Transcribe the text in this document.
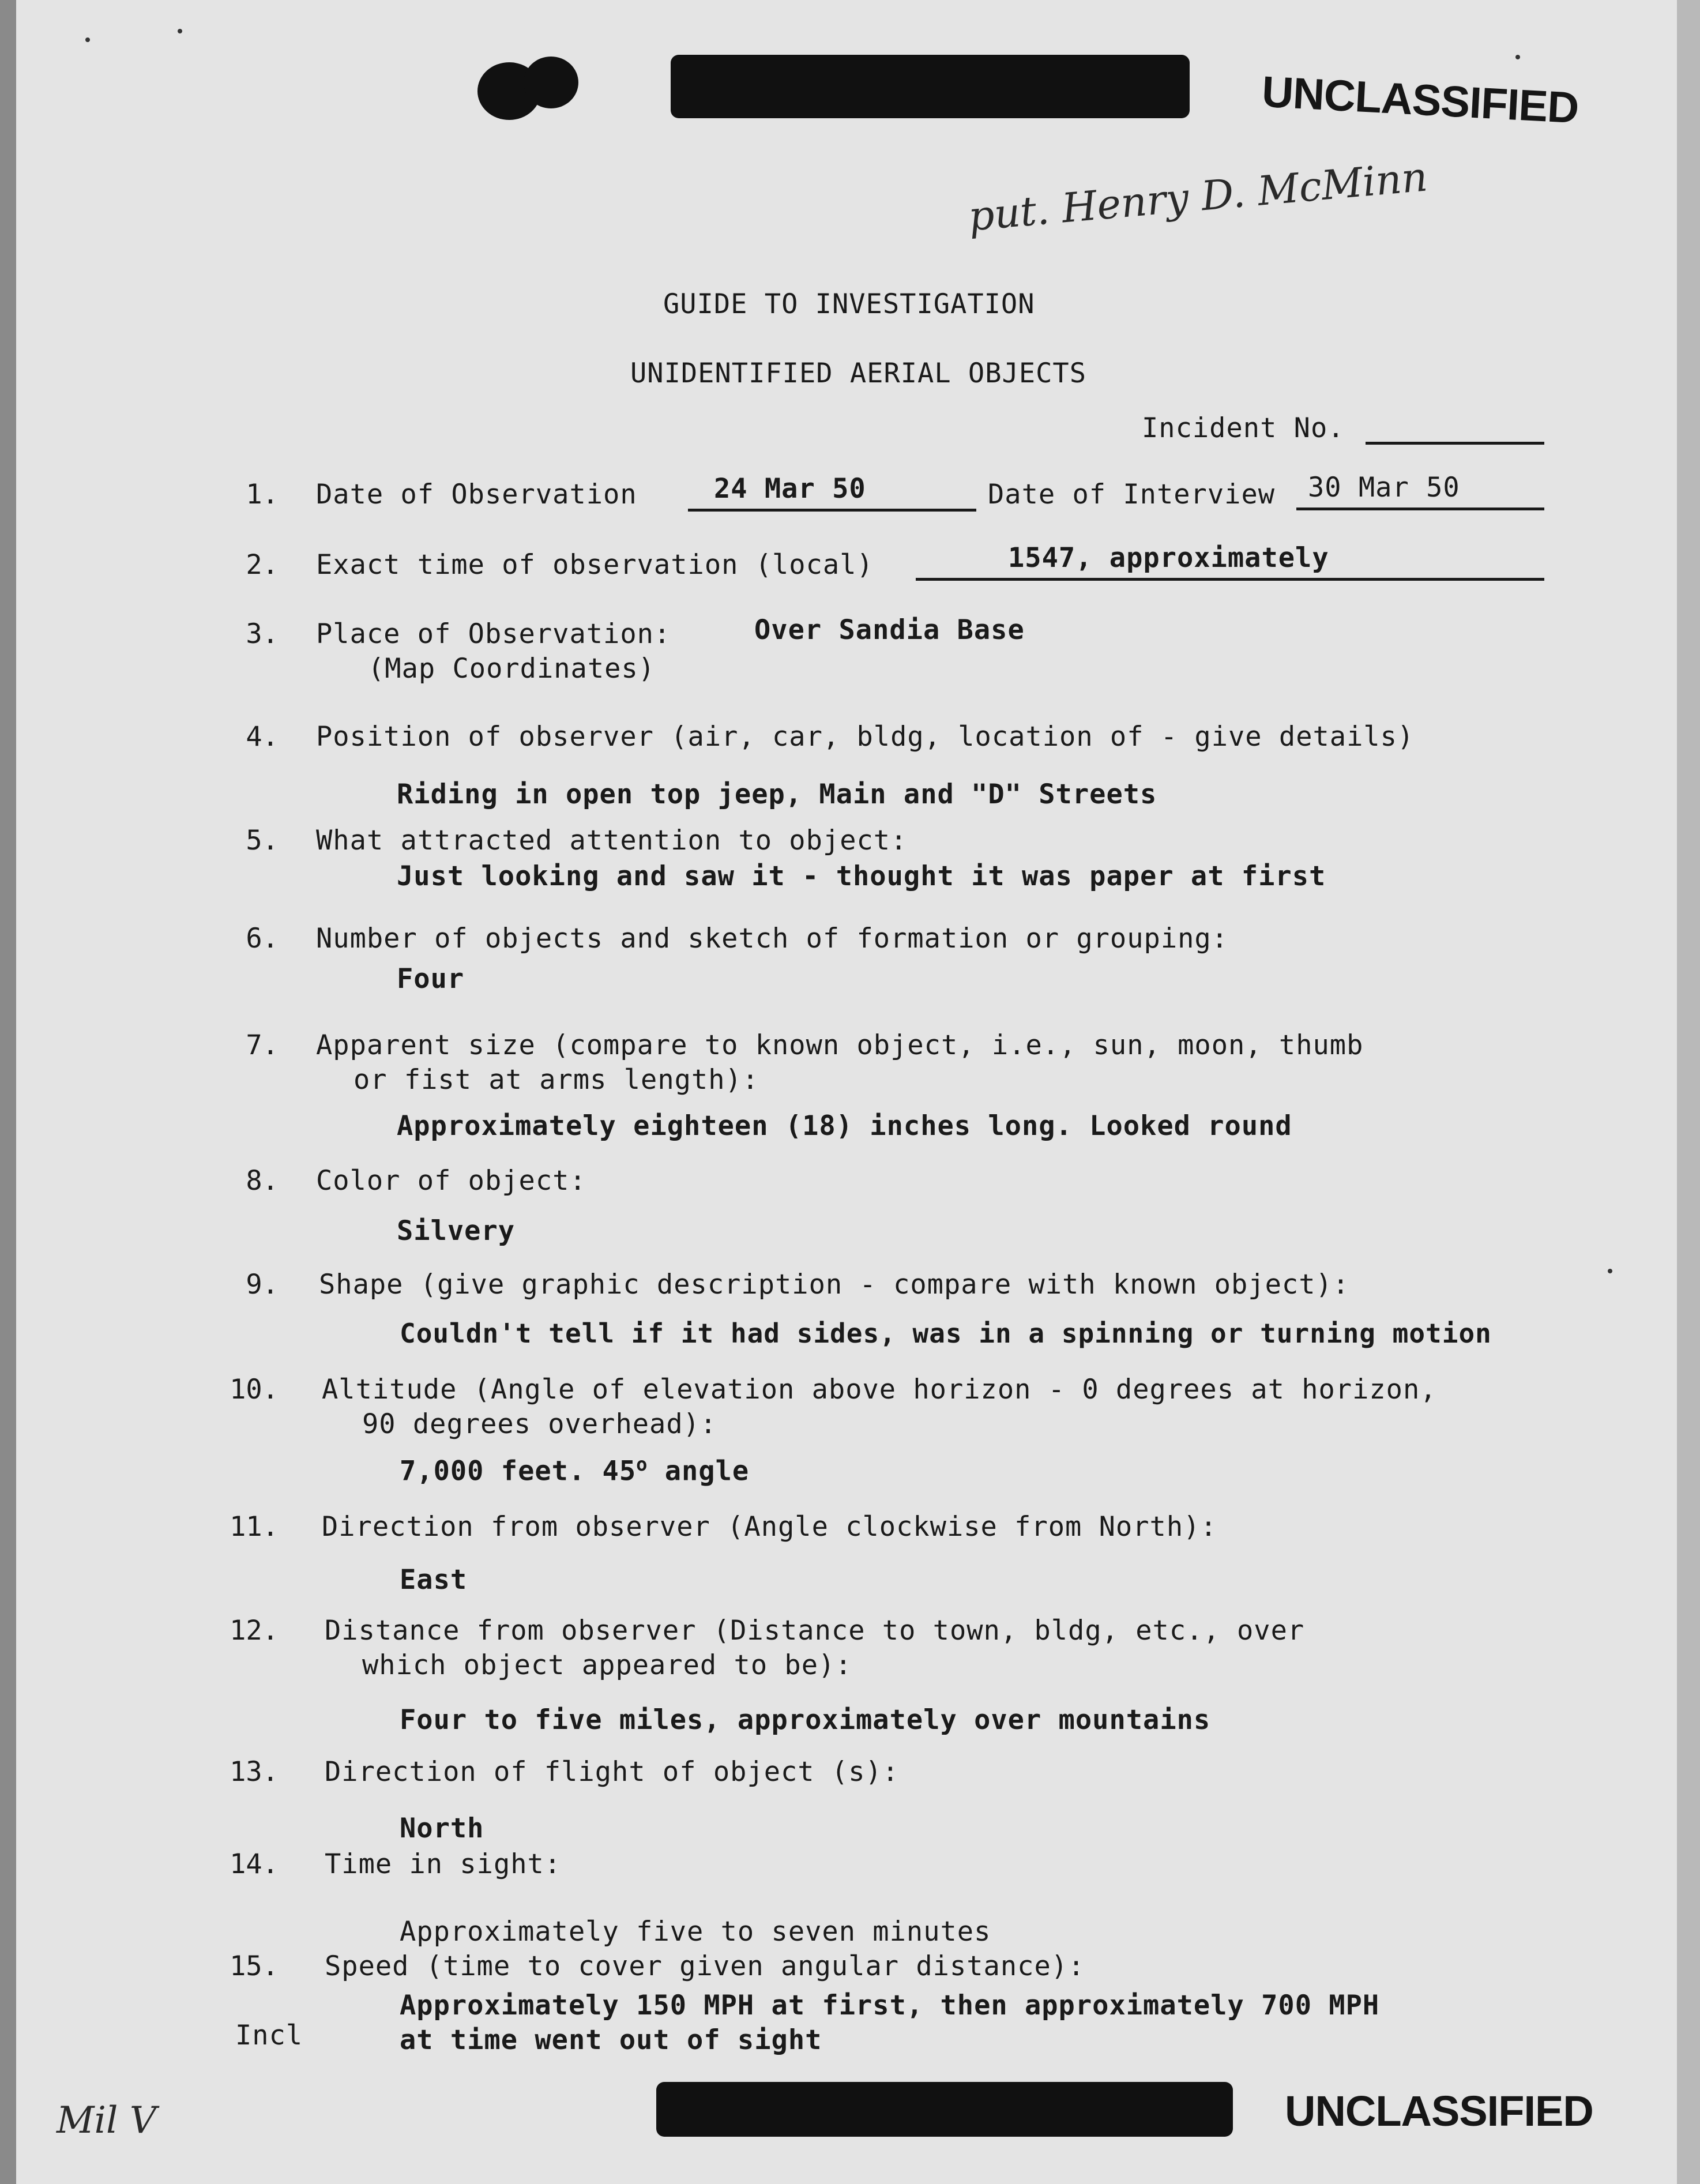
UNCLASSIFIED
put. Henry D. McMinn
GUIDE TO INVESTIGATION
UNIDENTIFIED AERIAL OBJECTS
Incident No.
1. Date of Observation	24 Mar 50	Date of Interview 30 Mar 50
2. Exact time of observation (local)	1547, approximately
3. Place of Observation:
(Map Coordinates)
Over Sandia Base
4. Position of observer (air, car, bldg, location of - give details)
Riding in open top jeep, Main and "D" Streets
5. What attracted attention to object:
Just looking and saw it - thought it was paper at first
6. Number of objects and sketch of formation or grouping:
Four
7. Apparent size (compare to known object, i.e., sun, moon, thumb
or fist at arms length):
Approximately eighteen (18) inches long. Looked round
8. Color of object:
Silvery
9. Shape (give graphic description - compare with known object):
Couldn't tell if it had sides, was in a spinning or turning motion
10. Altitude (Angle of elevation above horizon - 0 degrees at horizon,
90 degrees overhead):
7,000 feet. 45$^o$ angle
11. Direction from observer (Angle clockwise from North):
East
12. Distance from observer (Distance to town, bldg, etc., over
which object appeared to be):
Four to five miles, approximately over mountains
13. Direction of flight of object (s):
North
14. Time in sight:
Approximately five to seven minutes
15. Speed (time to cover given angular distance):
Approximately 150 MPH at first, then approximately 700 MPH
at time went out of sight
Incl
Mil V	UNCLASSIFIED
